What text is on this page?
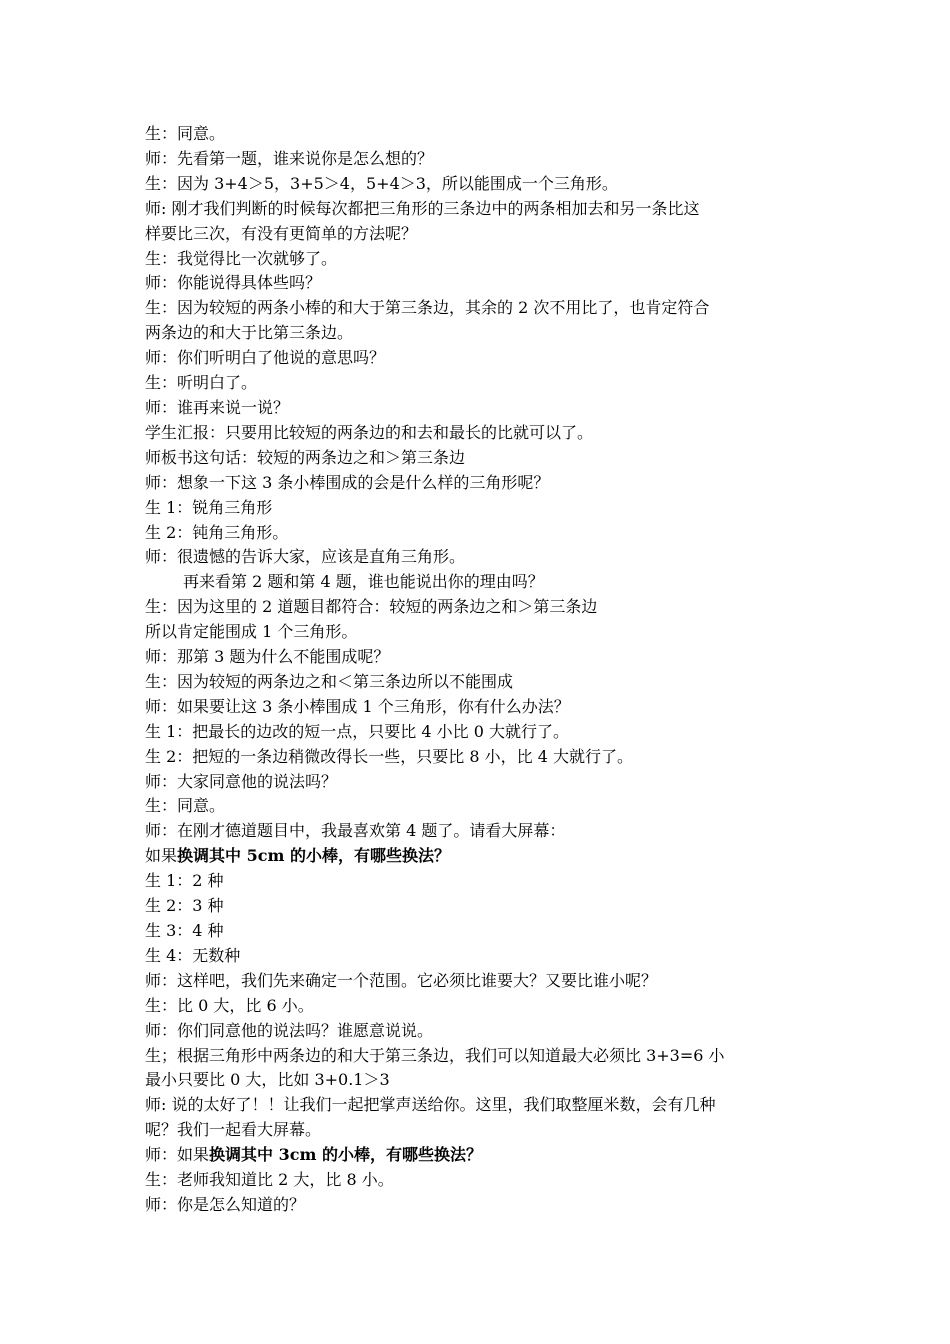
生：同意。
师：先看第一题，谁来说你是怎么想的？
生：因为 3+4＞5，3+5＞4，5+4＞3，所以能围成一个三角形。
师: 刚才我们判断的时候每次都把三角形的三条边中的两条相加去和另一条比这
样要比三次，有没有更简单的方法呢？
生：我觉得比一次就够了。
师：你能说得具体些吗？
生：因为较短的两条小棒的和大于第三条边，其余的 2 次不用比了，也肯定符合
两条边的和大于比第三条边。
师：你们听明白了他说的意思吗？
生：听明白了。
师：谁再来说一说？
学生汇报：只要用比较短的两条边的和去和最长的比就可以了。
师板书这句话：较短的两条边之和＞第三条边
师：想象一下这 3 条小棒围成的会是什么样的三角形呢？
生 1：锐角三角形
生 2：钝角三角形。
师：很遗憾的告诉大家，应该是直角三角形。
再来看第 2 题和第 4 题，谁也能说出你的理由吗？
生：因为这里的 2 道题目都符合：较短的两条边之和＞第三条边
所以肯定能围成 1 个三角形。
师：那第 3 题为什么不能围成呢？
生：因为较短的两条边之和＜第三条边所以不能围成
师：如果要让这 3 条小棒围成 1 个三角形，你有什么办法？
生 1：把最长的边改的短一点，只要比 4 小比 0 大就行了。
生 2：把短的一条边稍微改得长一些，只要比 8 小，比 4 大就行了。
师：大家同意他的说法吗？
生：同意。
师：在刚才德道题目中，我最喜欢第 4 题了。请看大屏幕：
如果换调其中 5cm 的小棒，有哪些换法？
生 1：2 种
生 2：3 种
生 3：4 种
生 4：无数种
师：这样吧，我们先来确定一个范围。它必须比谁要大？又要比谁小呢？
生：比 0 大，比 6 小。
师：你们同意他的说法吗？谁愿意说说。
生；根据三角形中两条边的和大于第三条边，我们可以知道最大必须比 3+3=6 小
最小只要比 0 大，比如 3+0.1＞3
师: 说的太好了！！让我们一起把掌声送给你。这里，我们取整厘米数，会有几种
呢？我们一起看大屏幕。
师：如果换调其中 3cm 的小棒，有哪些换法？
生：老师我知道比 2 大，比 8 小。
师：你是怎么知道的？
